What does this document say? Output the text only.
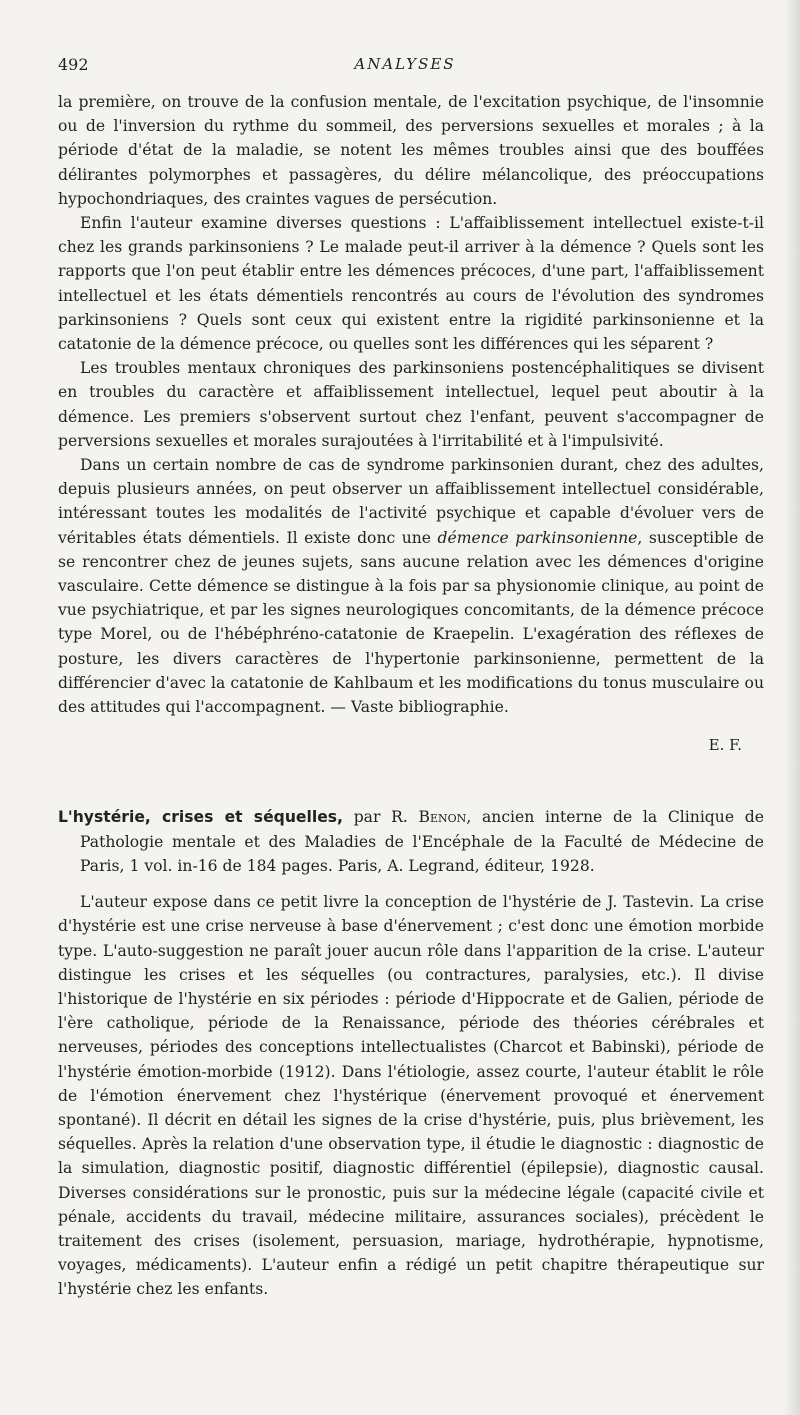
492	ANALYSES

la première, on trouve de la confusion mentale, de l'excitation psychique, de l'insomnie ou de l'inversion du rythme du sommeil, des perversions sexuelles et morales ; à la période d'état de la maladie, se notent les mêmes troubles ainsi que des bouffées délirantes polymorphes et passagères, du délire mélancolique, des préoccupations hypochondriaques, des craintes vagues de persécution.

Enfin l'auteur examine diverses questions : L'affaiblissement intellectuel existe-t-il chez les grands parkinsoniens ? Le malade peut-il arriver à la démence ? Quels sont les rapports que l'on peut établir entre les démences précoces, d'une part, l'affaiblissement intellectuel et les états démentiels rencontrés au cours de l'évolution des syndromes parkinsoniens ? Quels sont ceux qui existent entre la rigidité parkinsonienne et la catatonie de la démence précoce, ou quelles sont les différences qui les séparent ?

Les troubles mentaux chroniques des parkinsoniens postencéphalitiques se divisent en troubles du caractère et affaiblissement intellectuel, lequel peut aboutir à la démence. Les premiers s'observent surtout chez l'enfant, peuvent s'accompagner de perversions sexuelles et morales surajoutées à l'irritabilité et à l'impulsivité.

Dans un certain nombre de cas de syndrome parkinsonien durant, chez des adultes, depuis plusieurs années, on peut observer un affaiblissement intellectuel considérable, intéressant toutes les modalités de l'activité psychique et capable d'évoluer vers de véritables états démentiels. Il existe donc une démence parkinsonienne, susceptible de se rencontrer chez de jeunes sujets, sans aucune relation avec les démences d'origine vasculaire. Cette démence se distingue à la fois par sa physionomie clinique, au point de vue psychiatrique, et par les signes neurologiques concomitants, de la démence précoce type Morel, ou de l'hébéphréno-catatonie de Kraepelin. L'exagération des réflexes de posture, les divers caractères de l'hypertonie parkinsonienne, permettent de la différencier d'avec la catatonie de Kahlbaum et les modifications du tonus musculaire ou des attitudes qui l'accompagnent. — Vaste bibliographie.

E. F.

L'hystérie, crises et séquelles, par R. Benon, ancien interne de la Clinique de Pathologie mentale et des Maladies de l'Encéphale de la Faculté de Médecine de Paris, 1 vol. in-16 de 184 pages. Paris, A. Legrand, éditeur, 1928.

L'auteur expose dans ce petit livre la conception de l'hystérie de J. Tastevin. La crise d'hystérie est une crise nerveuse à base d'énervement ; c'est donc une émotion morbide type. L'auto-suggestion ne paraît jouer aucun rôle dans l'apparition de la crise. L'auteur distingue les crises et les séquelles (ou contractures, paralysies, etc.). Il divise l'historique de l'hystérie en six périodes : période d'Hippocrate et de Galien, période de l'ère catholique, période de la Renaissance, période des théories cérébrales et nerveuses, périodes des conceptions intellectualistes (Charcot et Babinski), période de l'hystérie émotion-morbide (1912). Dans l'étiologie, assez courte, l'auteur établit le rôle de l'émotion énervement chez l'hystérique (énervement provoqué et énervement spontané). Il décrit en détail les signes de la crise d'hystérie, puis, plus brièvement, les séquelles. Après la relation d'une observation type, il étudie le diagnostic : diagnostic de la simulation, diagnostic positif, diagnostic différentiel (épilepsie), diagnostic causal. Diverses considérations sur le pronostic, puis sur la médecine légale (capacité civile et pénale, accidents du travail, médecine militaire, assurances sociales), précèdent le traitement des crises (isolement, persuasion, mariage, hydrothérapie, hypnotisme, voyages, médicaments). L'auteur enfin a rédigé un petit chapitre thérapeutique sur l'hystérie chez les enfants.
